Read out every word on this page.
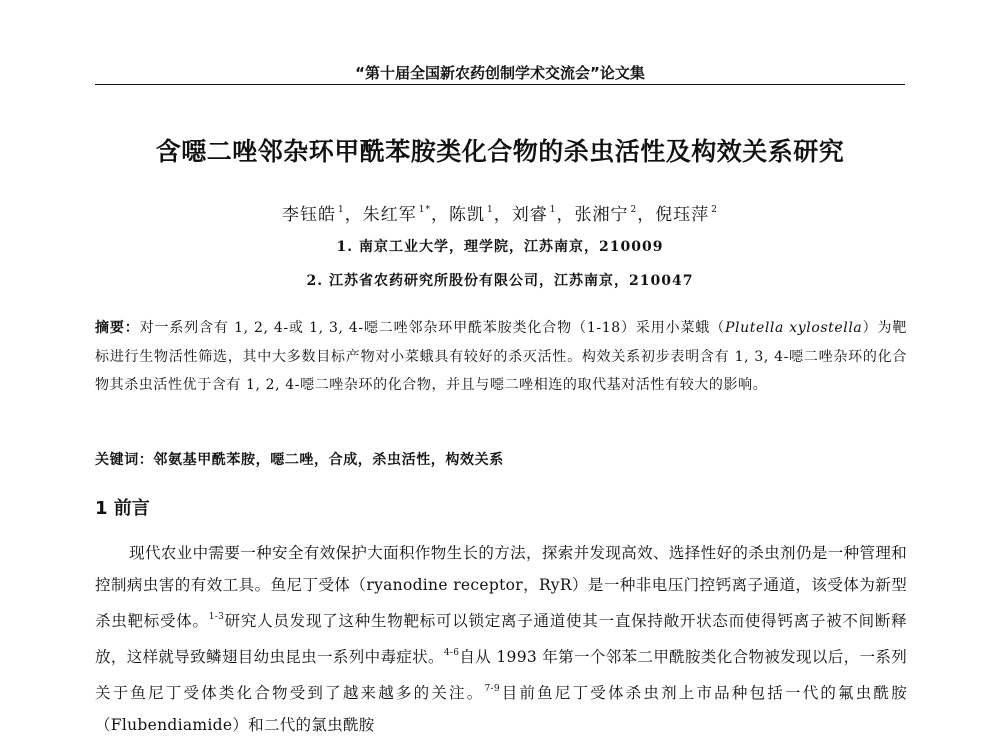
“第十届全国新农药创制学术交流会”论文集
含噁二唑邻杂环甲酰苯胺类化合物的杀虫活性及构效关系研究
李钰皓 $^1$，朱红军 $^{1*}$，陈凯 $^1$，刘睿 $^1$，张湘宁 $^2$，倪珏萍 $^2$
1. 南京工业大学，理学院，江苏南京，210009
2. 江苏省农药研究所股份有限公司，江苏南京，210047
摘要：对一系列含有 1, 2, 4-或 1, 3, 4-噁二唑邻杂环甲酰苯胺类化合物（1-18）采用小菜蛾（Plutella xylostella）为靶标进行生物活性筛选，其中大多数目标产物对小菜蛾具有较好的杀灭活性。构效关系初步表明含有 1, 3, 4-噁二唑杂环的化合物其杀虫活性优于含有 1, 2, 4-噁二唑杂环的化合物，并且与噁二唑相连的取代基对活性有较大的影响。
关键词：邻氨基甲酰苯胺，噁二唑，合成，杀虫活性，构效关系
1 前言
现代农业中需要一种安全有效保护大面积作物生长的方法，探索并发现高效、选择性好的杀虫剂仍是一种管理和控制病虫害的有效工具。鱼尼丁受体（ryanodine receptor，RyR）是一种非电压门控钙离子通道，该受体为新型杀虫靶标受体。$^{1-3}$研究人员发现了这种生物靶标可以锁定离子通道使其一直保持敞开状态而使得钙离子被不间断释放，这样就导致鳞翅目幼虫昆虫一系列中毒症状。$^{4-6}$自从 1993 年第一个邻苯二甲酰胺类化合物被发现以后，一系列关于鱼尼丁受体类化合物受到了越来越多的关注。$^{7-9}$目前鱼尼丁受体杀虫剂上市品种包括一代的氟虫酰胺（Flubendiamide）和二代的氯虫酰胺
